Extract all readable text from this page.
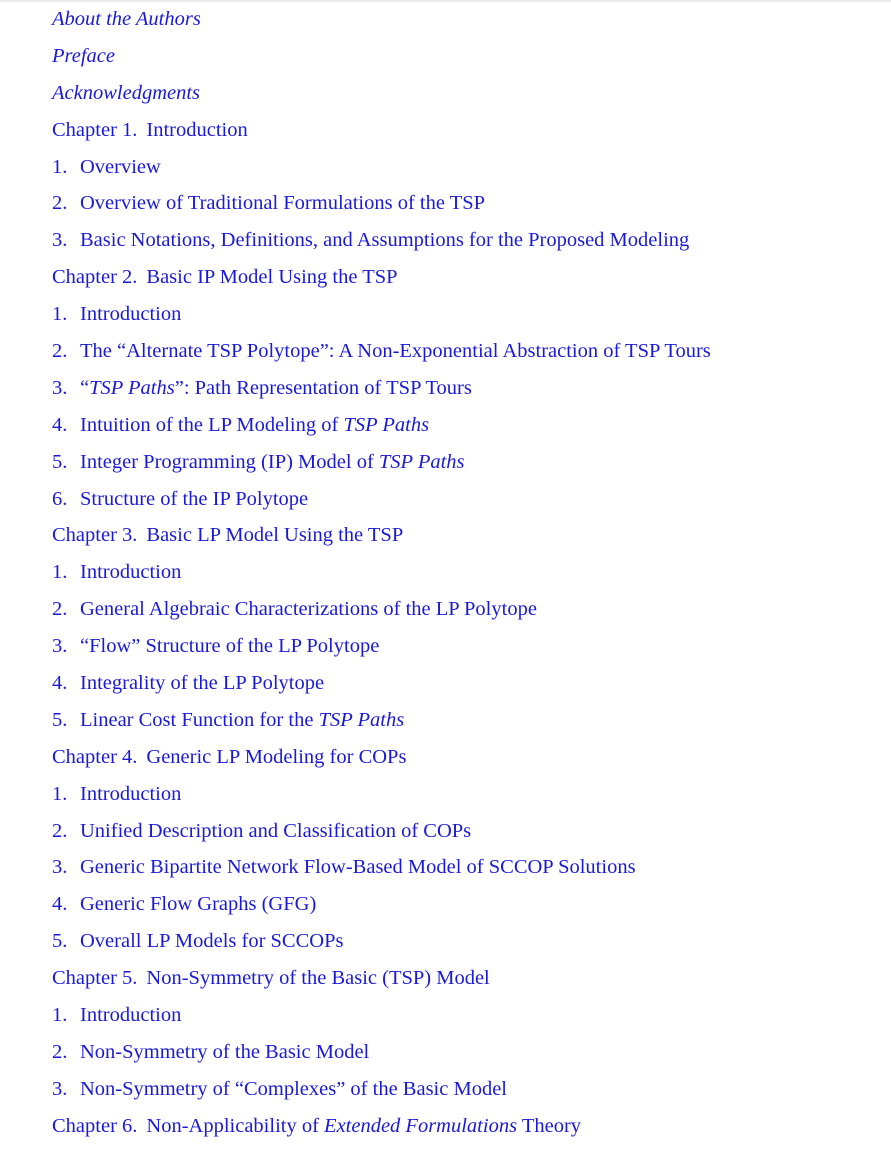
About the Authors
Preface
Acknowledgments
Chapter 1. Introduction
1. Overview
2. Overview of Traditional Formulations of the TSP
3. Basic Notations, Definitions, and Assumptions for the Proposed Modeling
Chapter 2. Basic IP Model Using the TSP
1. Introduction
2. The “Alternate TSP Polytope”: A Non-Exponential Abstraction of TSP Tours
3. “TSP Paths”: Path Representation of TSP Tours
4. Intuition of the LP Modeling of TSP Paths
5. Integer Programming (IP) Model of TSP Paths
6. Structure of the IP Polytope
Chapter 3. Basic LP Model Using the TSP
1. Introduction
2. General Algebraic Characterizations of the LP Polytope
3. “Flow” Structure of the LP Polytope
4. Integrality of the LP Polytope
5. Linear Cost Function for the TSP Paths
Chapter 4. Generic LP Modeling for COPs
1. Introduction
2. Unified Description and Classification of COPs
3. Generic Bipartite Network Flow-Based Model of SCCOP Solutions
4. Generic Flow Graphs (GFG)
5. Overall LP Models for SCCOPs
Chapter 5. Non-Symmetry of the Basic (TSP) Model
1. Introduction
2. Non-Symmetry of the Basic Model
3. Non-Symmetry of “Complexes” of the Basic Model
Chapter 6. Non-Applicability of Extended Formulations Theory
